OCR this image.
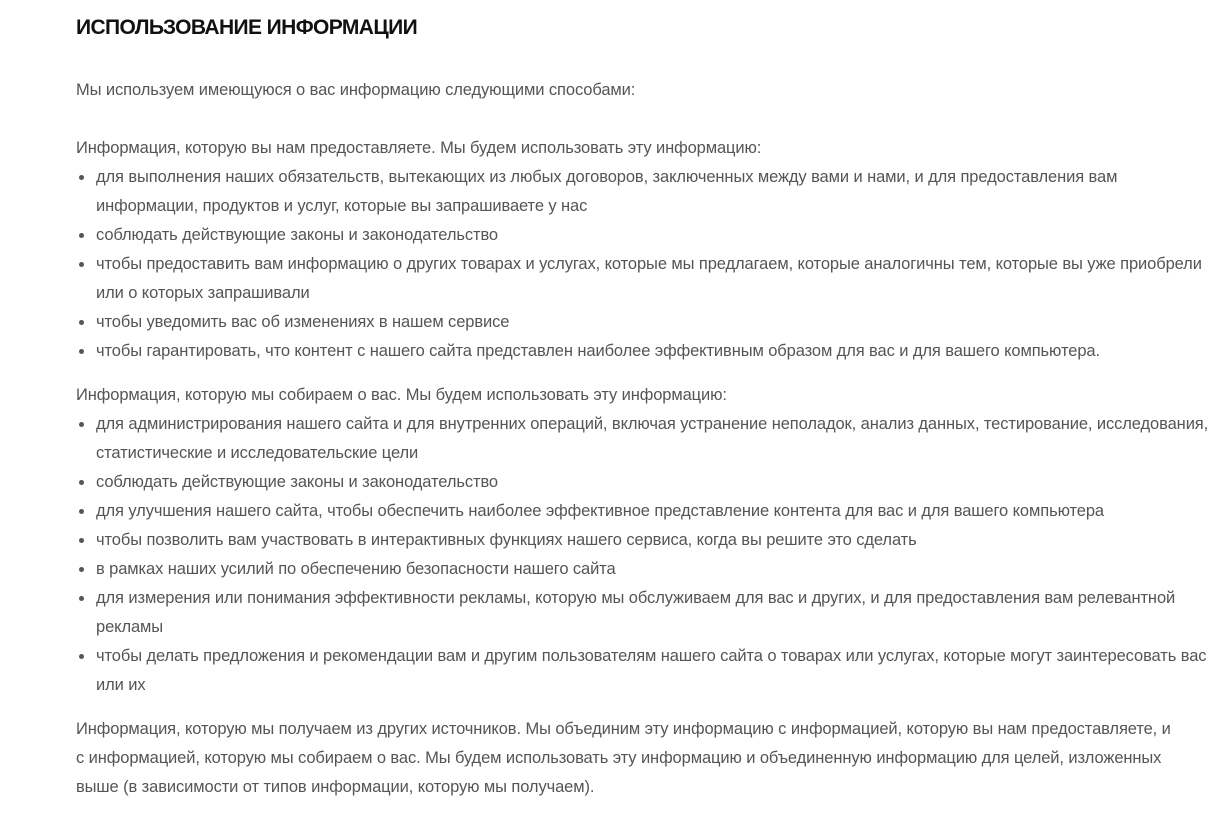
ИСПОЛЬЗОВАНИЕ ИНФОРМАЦИИ

Мы используем имеющуюся о вас информацию следующими способами:

Информация, которую вы нам предоставляете. Мы будем использовать эту информацию:

для выполнения наших обязательств, вытекающих из любых договоров, заключенных между вами и нами, и для предоставления вам информации, продуктов и услуг, которые вы запрашиваете у нас
соблюдать действующие законы и законодательство
чтобы предоставить вам информацию о других товарах и услугах, которые мы предлагаем, которые аналогичны тем, которые вы уже приобрели или о которых запрашивали
чтобы уведомить вас об изменениях в нашем сервисе
чтобы гарантировать, что контент с нашего сайта представлен наиболее эффективным образом для вас и для вашего компьютера.

Информация, которую мы собираем о вас. Мы будем использовать эту информацию:

для администрирования нашего сайта и для внутренних операций, включая устранение неполадок, анализ данных, тестирование, исследования, статистические и исследовательские цели
соблюдать действующие законы и законодательство
для улучшения нашего сайта, чтобы обеспечить наиболее эффективное представление контента для вас и для вашего компьютера
чтобы позволить вам участвовать в интерактивных функциях нашего сервиса, когда вы решите это сделать
в рамках наших усилий по обеспечению безопасности нашего сайта
для измерения или понимания эффективности рекламы, которую мы обслуживаем для вас и других, и для предоставления вам релевантной рекламы
чтобы делать предложения и рекомендации вам и другим пользователям нашего сайта о товарах или услугах, которые могут заинтересовать вас или их

Информация, которую мы получаем из других источников. Мы объединим эту информацию с информацией, которую вы нам предоставляете, и с информацией, которую мы собираем о вас. Мы будем использовать эту информацию и объединенную информацию для целей, изложенных выше (в зависимости от типов информации, которую мы получаем).
